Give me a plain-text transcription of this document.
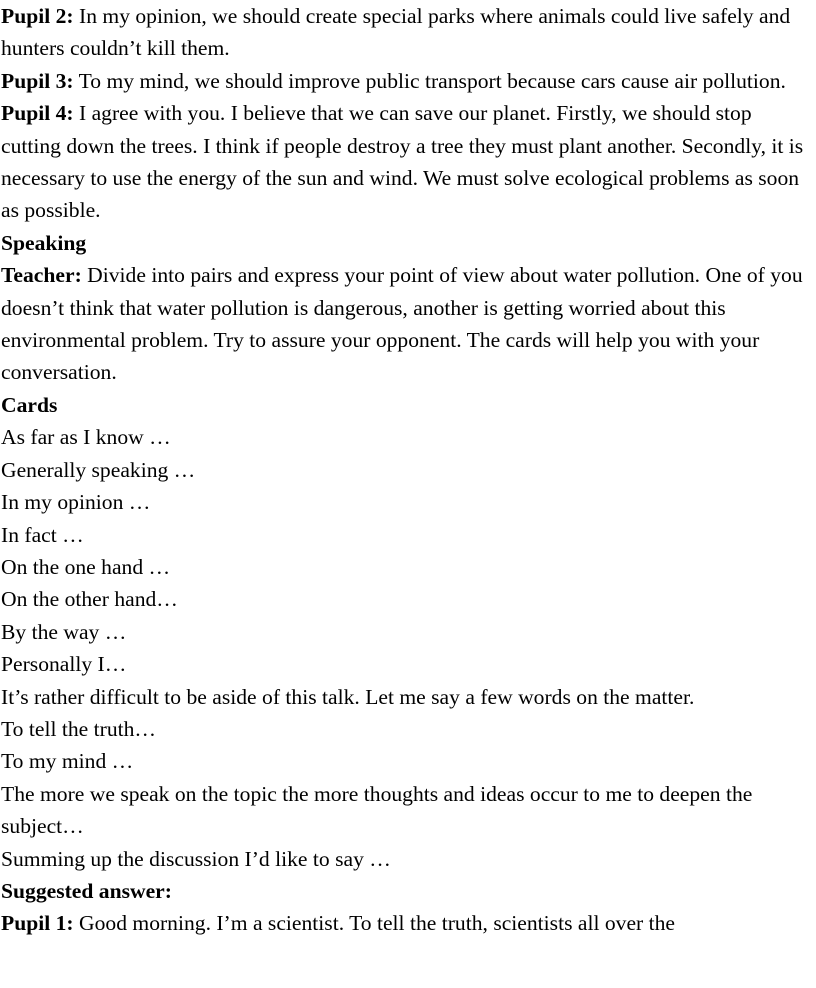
Pupil 2: In my opinion, we should create special parks where animals could live safely and hunters couldn’t kill them.

Pupil 3: To my mind, we should improve public transport because cars cause air pollution.

Pupil 4: I agree with you. I believe that we can save our planet. Firstly, we should stop cutting down the trees. I think if people destroy a tree they must plant another. Secondly, it is necessary to use the energy of the sun and wind. We must solve ecological problems as soon as possible.

Speaking

Teacher: Divide into pairs and express your point of view about water pollution. One of you doesn’t think that water pollution is dangerous, another is getting worried about this environmental problem. Try to assure your opponent. The cards will help you with your conversation.

Cards

As far as I know …

Generally speaking …

In my opinion …

In fact …

On the one hand …

On the other hand…

By the way …

Personally I…

It’s rather difficult to be aside of this talk. Let me say a few words on the matter.

To tell the truth…

To my mind …

The more we speak on the topic the more thoughts and ideas occur to me to deepen the subject…

Summing up the discussion I’d like to say …

Suggested answer:

Pupil 1: Good morning. I’m a scientist. To tell the truth, scientists all over the
